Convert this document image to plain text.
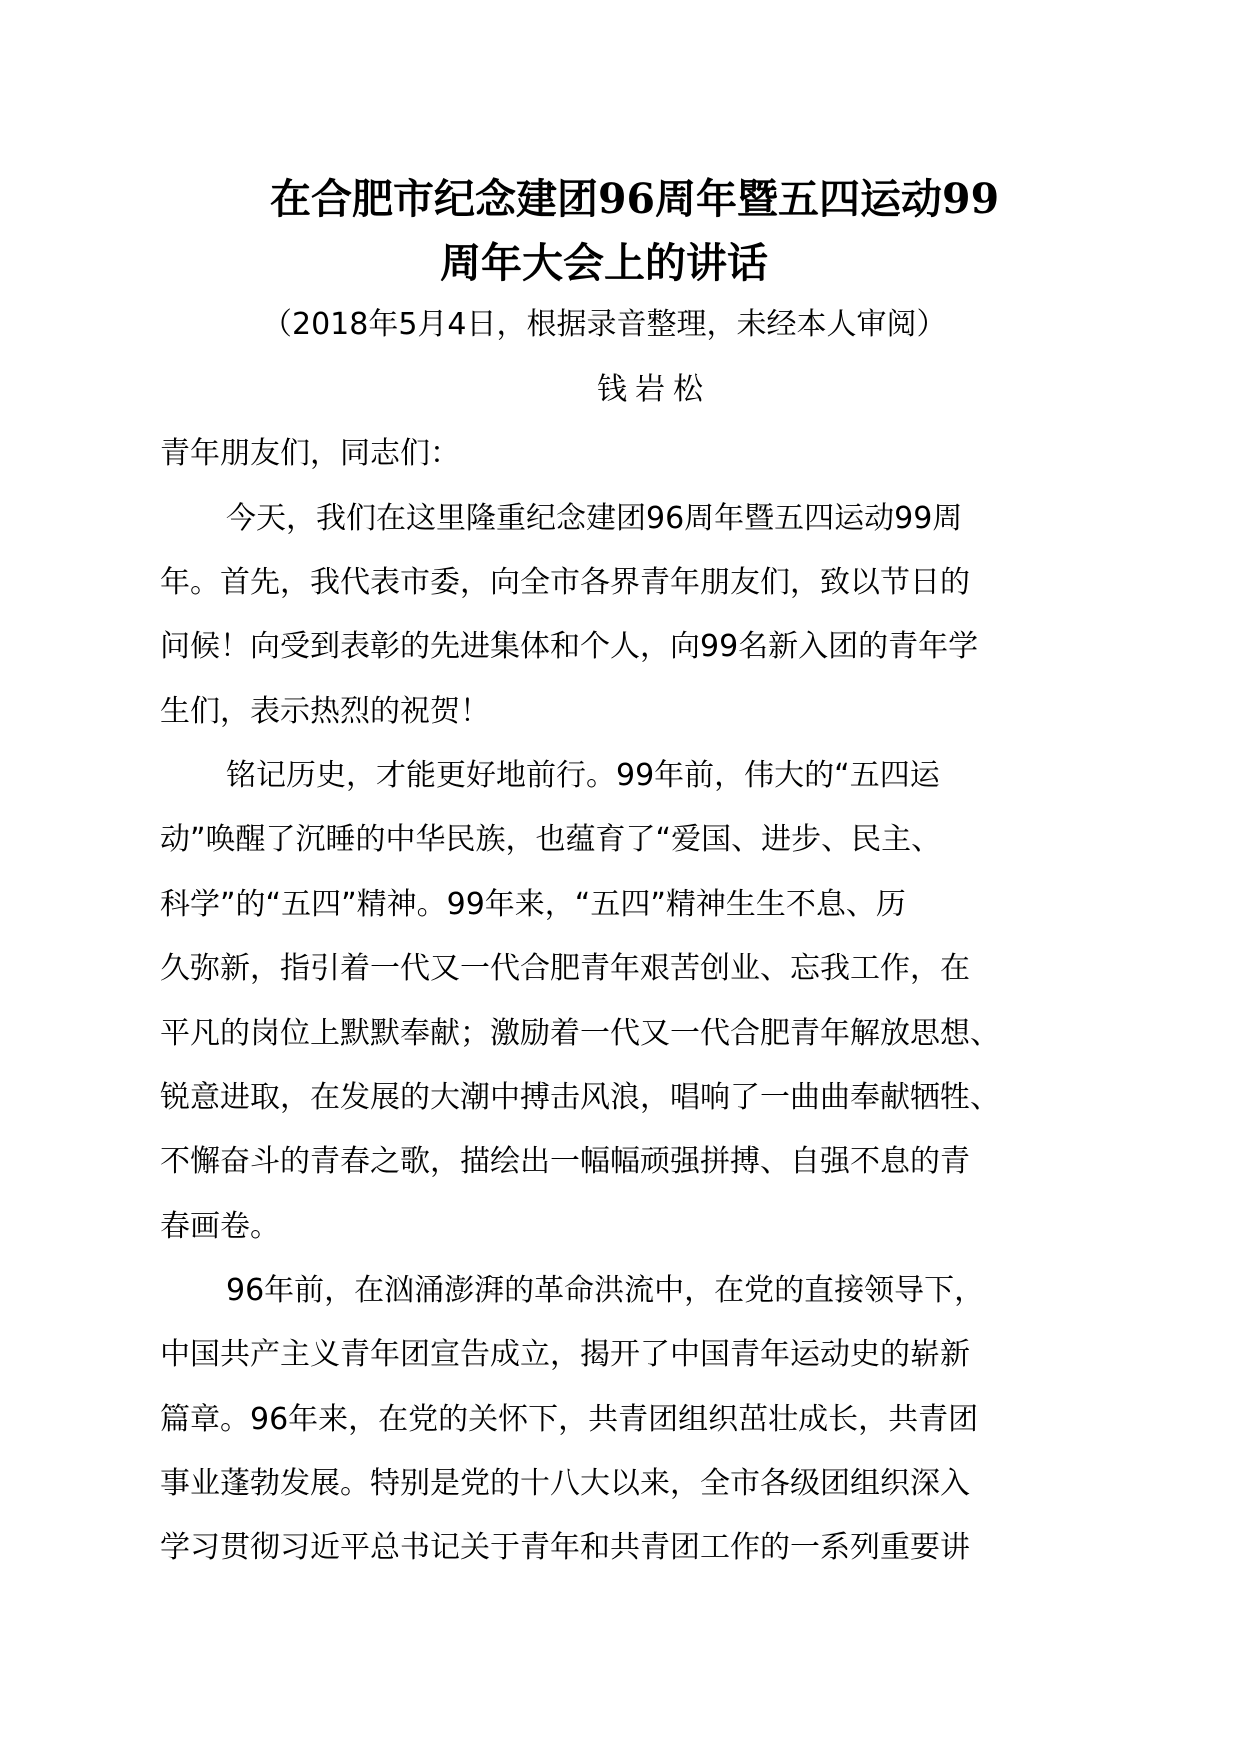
在合肥市纪念建团96周年暨五四运动99
周年大会上的讲话

（2018年5月4日，根据录音整理，未经本人审阅）

钱岩松

青年朋友们，同志们：

今天，我们在这里隆重纪念建团96周年暨五四运动99周

年。首先，我代表市委，向全市各界青年朋友们，致以节日的

问候！向受到表彰的先进集体和个人，向99名新入团的青年学

生们，表示热烈的祝贺！

铭记历史，才能更好地前行。99年前，伟大的“五四运

动”唤醒了沉睡的中华民族，也蕴育了“爱国、进步、民主、

科学”的“五四”精神。99年来，“五四”精神生生不息、历

久弥新，指引着一代又一代合肥青年艰苦创业、忘我工作，在

平凡的岗位上默默奉献；激励着一代又一代合肥青年解放思想、

锐意进取，在发展的大潮中搏击风浪，唱响了一曲曲奉献牺牲、

不懈奋斗的青春之歌，描绘出一幅幅顽强拼搏、自强不息的青

春画卷。

96年前，在汹涌澎湃的革命洪流中，在党的直接领导下，

中国共产主义青年团宣告成立，揭开了中国青年运动史的崭新

篇章。96年来，在党的关怀下，共青团组织茁壮成长，共青团

事业蓬勃发展。特别是党的十八大以来，全市各级团组织深入

学习贯彻习近平总书记关于青年和共青团工作的一系列重要讲
